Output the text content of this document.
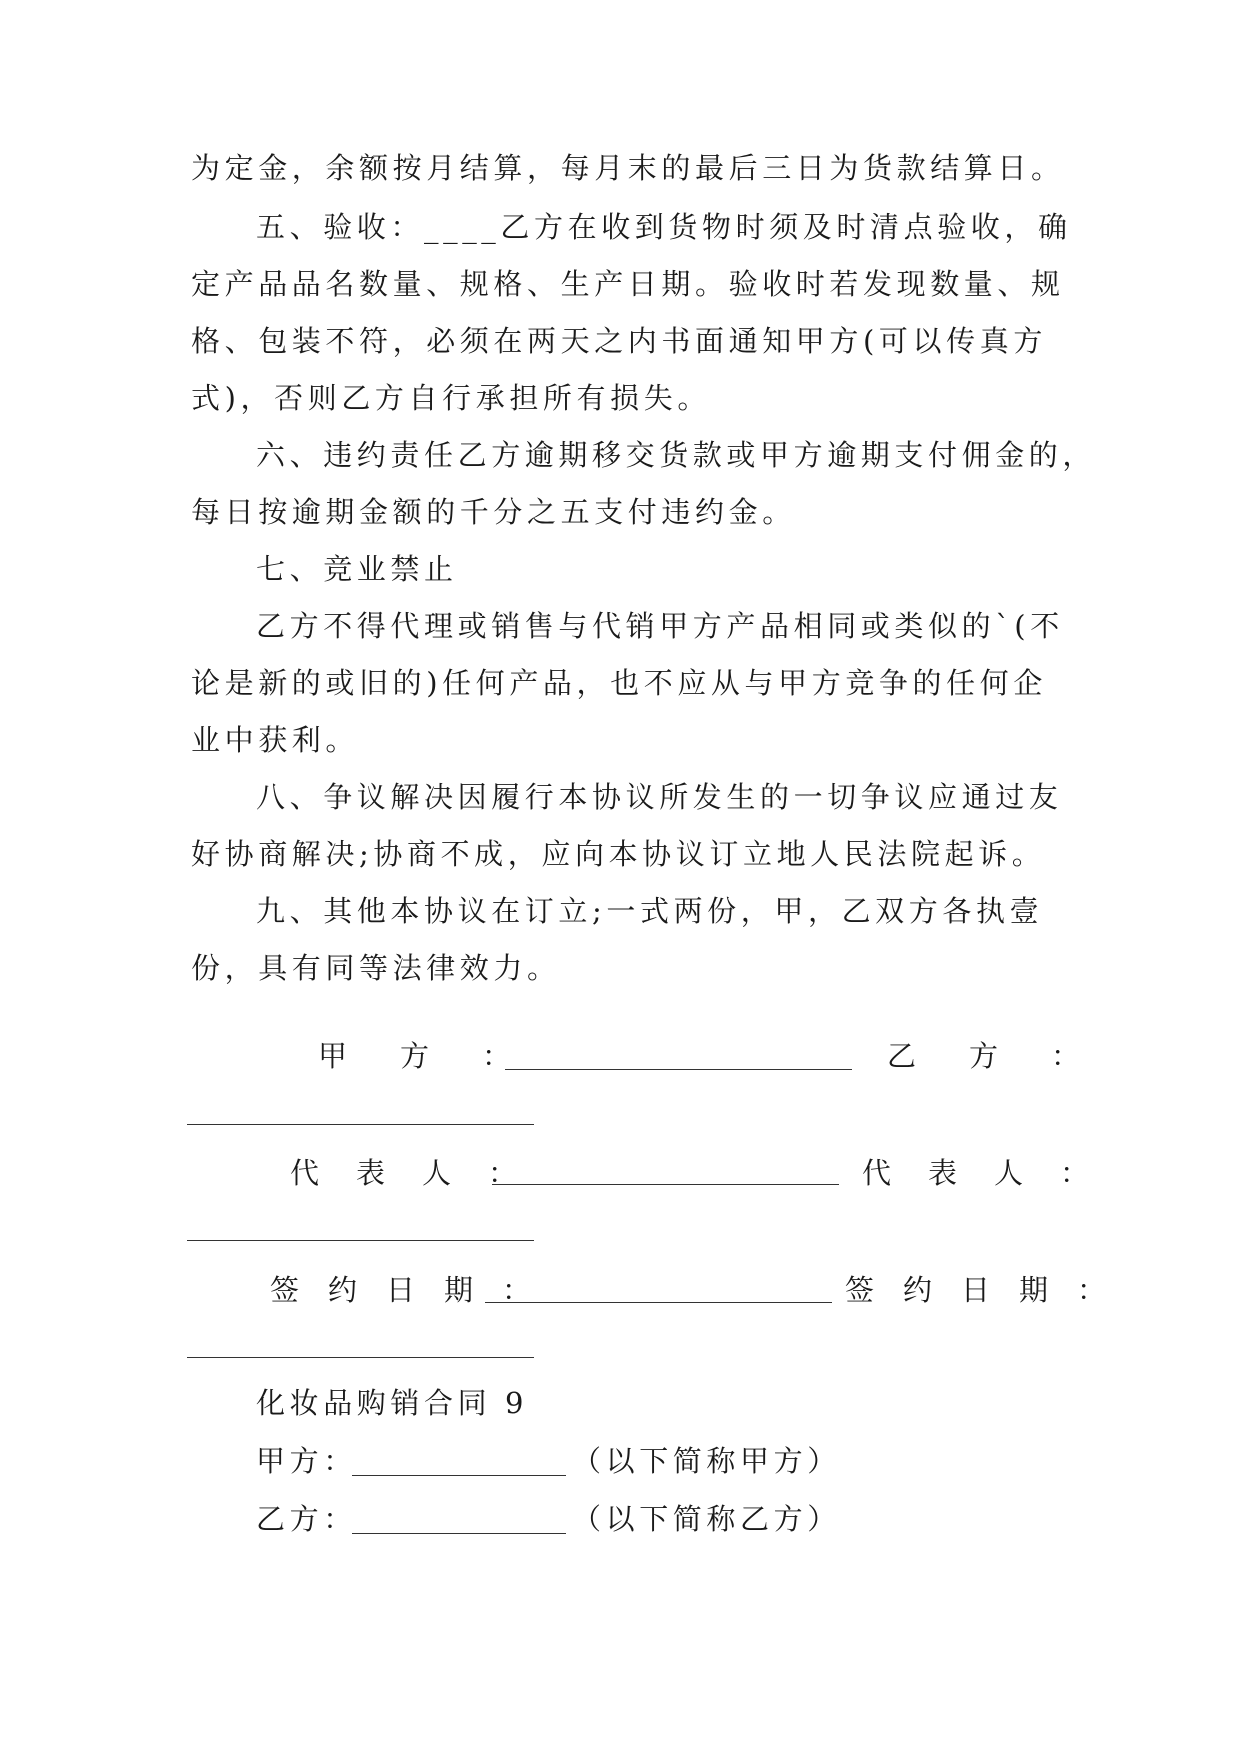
为定金，余额按月结算，每月末的最后三日为货款结算日。
五、验收：____乙方在收到货物时须及时清点验收，确
定产品品名数量、规格、生产日期。验收时若发现数量、规
格、包装不符，必须在两天之内书面通知甲方(可以传真方
式)，否则乙方自行承担所有损失。
六、违约责任乙方逾期移交货款或甲方逾期支付佣金的，
每日按逾期金额的千分之五支付违约金。
七、竞业禁止
乙方不得代理或销售与代销甲方产品相同或类似的`(不
论是新的或旧的)任何产品，也不应从与甲方竞争的任何企
业中获利。
八、争议解决因履行本协议所发生的一切争议应通过友
好协商解决;协商不成，应向本协议订立地人民法院起诉。
九、其他本协议在订立;一式两份，甲，乙双方各执壹
份，具有同等法律效力。
甲　方　：	乙　方　：
代　表　人　：	代　表　人　：
签　约　日　期　：	签　约　日　期　：
化妆品购销合同 9
甲方：	（以下简称甲方）
乙方：	（以下简称乙方）
